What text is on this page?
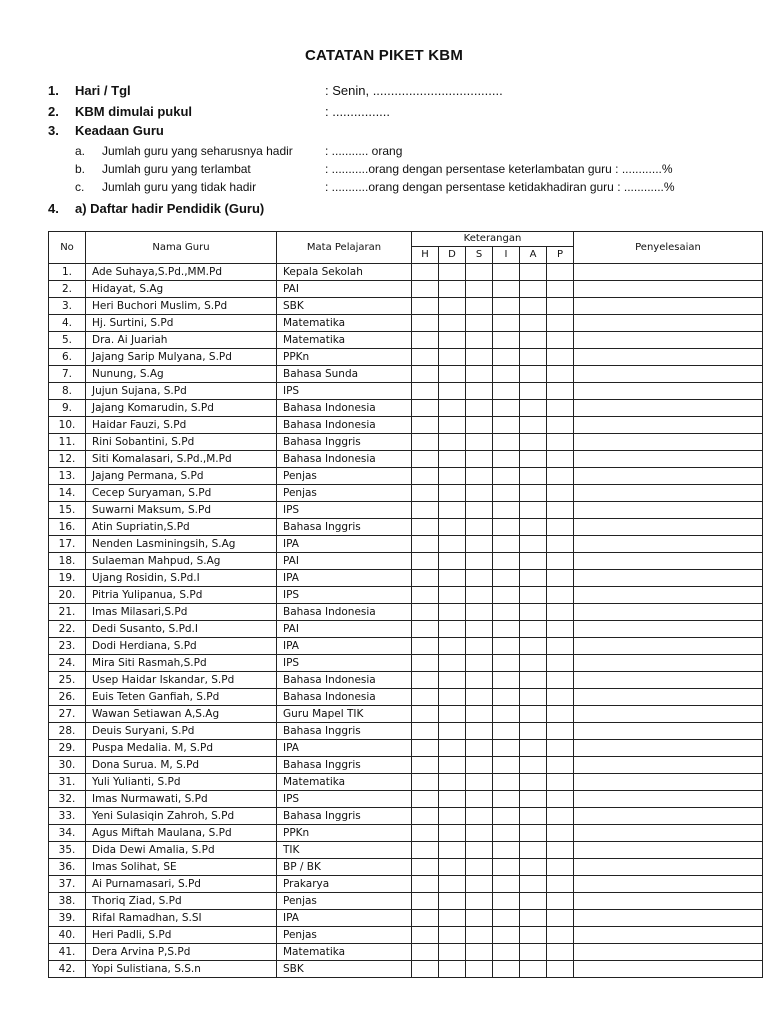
CATATAN PIKET KBM
1. Hari / Tgl	: Senin, ....................................
2. KBM dimulai pukul	: ................
3. Keadaan Guru
a. Jumlah guru yang seharusnya hadir	: ........... orang
b. Jumlah guru yang terlambat	: ...........orang dengan persentase keterlambatan guru : ............%
c. Jumlah guru yang tidak hadir	: ...........orang dengan persentase ketidakhadiran guru : ............%
4. a) Daftar hadir Pendidik (Guru)
No	Nama Guru	Mata Pelajaran	Keterangan						Penyelesaian
			H	D	S	I	A	P	
1.	Ade Suhaya,S.Pd.,MM.Pd	Kepala Sekolah							
2.	Hidayat, S.Ag	PAI							
3.	Heri Buchori Muslim, S.Pd	SBK							
4.	Hj. Surtini, S.Pd	Matematika							
5.	Dra. Ai Juariah	Matematika							
6.	Jajang Sarip Mulyana, S.Pd	PPKn							
7.	Nunung, S.Ag	Bahasa Sunda							
8.	Jujun Sujana, S.Pd	IPS							
9.	Jajang Komarudin, S.Pd	Bahasa Indonesia							
10.	Haidar Fauzi, S.Pd	Bahasa Indonesia							
11.	Rini Sobantini, S.Pd	Bahasa Inggris							
12.	Siti Komalasari, S.Pd.,M.Pd	Bahasa Indonesia							
13.	Jajang Permana, S.Pd	Penjas							
14.	Cecep Suryaman, S.Pd	Penjas							
15.	Suwarni Maksum, S.Pd	IPS							
16.	Atin Supriatin,S.Pd	Bahasa Inggris							
17.	Nenden Lasminingsih, S.Ag	IPA							
18.	Sulaeman Mahpud, S.Ag	PAI							
19.	Ujang Rosidin, S.Pd.I	IPA							
20.	Pitria Yulipanua, S.Pd	IPS							
21.	Imas Milasari,S.Pd	Bahasa Indonesia							
22.	Dedi Susanto, S.Pd.I	PAI							
23.	Dodi Herdiana, S.Pd	IPA							
24.	Mira Siti Rasmah,S.Pd	IPS							
25.	Usep Haidar Iskandar, S.Pd	Bahasa Indonesia							
26.	Euis Teten Ganfiah, S.Pd	Bahasa Indonesia							
27.	Wawan Setiawan A,S.Ag	Guru Mapel TIK							
28.	Deuis Suryani, S.Pd	Bahasa Inggris							
29.	Puspa Medalia. M, S.Pd	IPA							
30.	Dona Surua. M, S.Pd	Bahasa Inggris							
31.	Yuli Yulianti, S.Pd	Matematika							
32.	Imas Nurmawati, S.Pd	IPS							
33.	Yeni Sulasiqin Zahroh, S.Pd	Bahasa Inggris							
34.	Agus Miftah Maulana, S.Pd	PPKn							
35.	Dida Dewi Amalia, S.Pd	TIK							
36.	Imas Solihat, SE	BP / BK							
37.	Ai Purnamasari, S.Pd	Prakarya							
38.	Thoriq Ziad, S.Pd	Penjas							
39.	Rifal Ramadhan, S.SI	IPA							
40.	Heri Padli, S.Pd	Penjas							
41.	Dera Arvina P,S.Pd	Matematika							
42.	Yopi Sulistiana, S.S.n	SBK							
